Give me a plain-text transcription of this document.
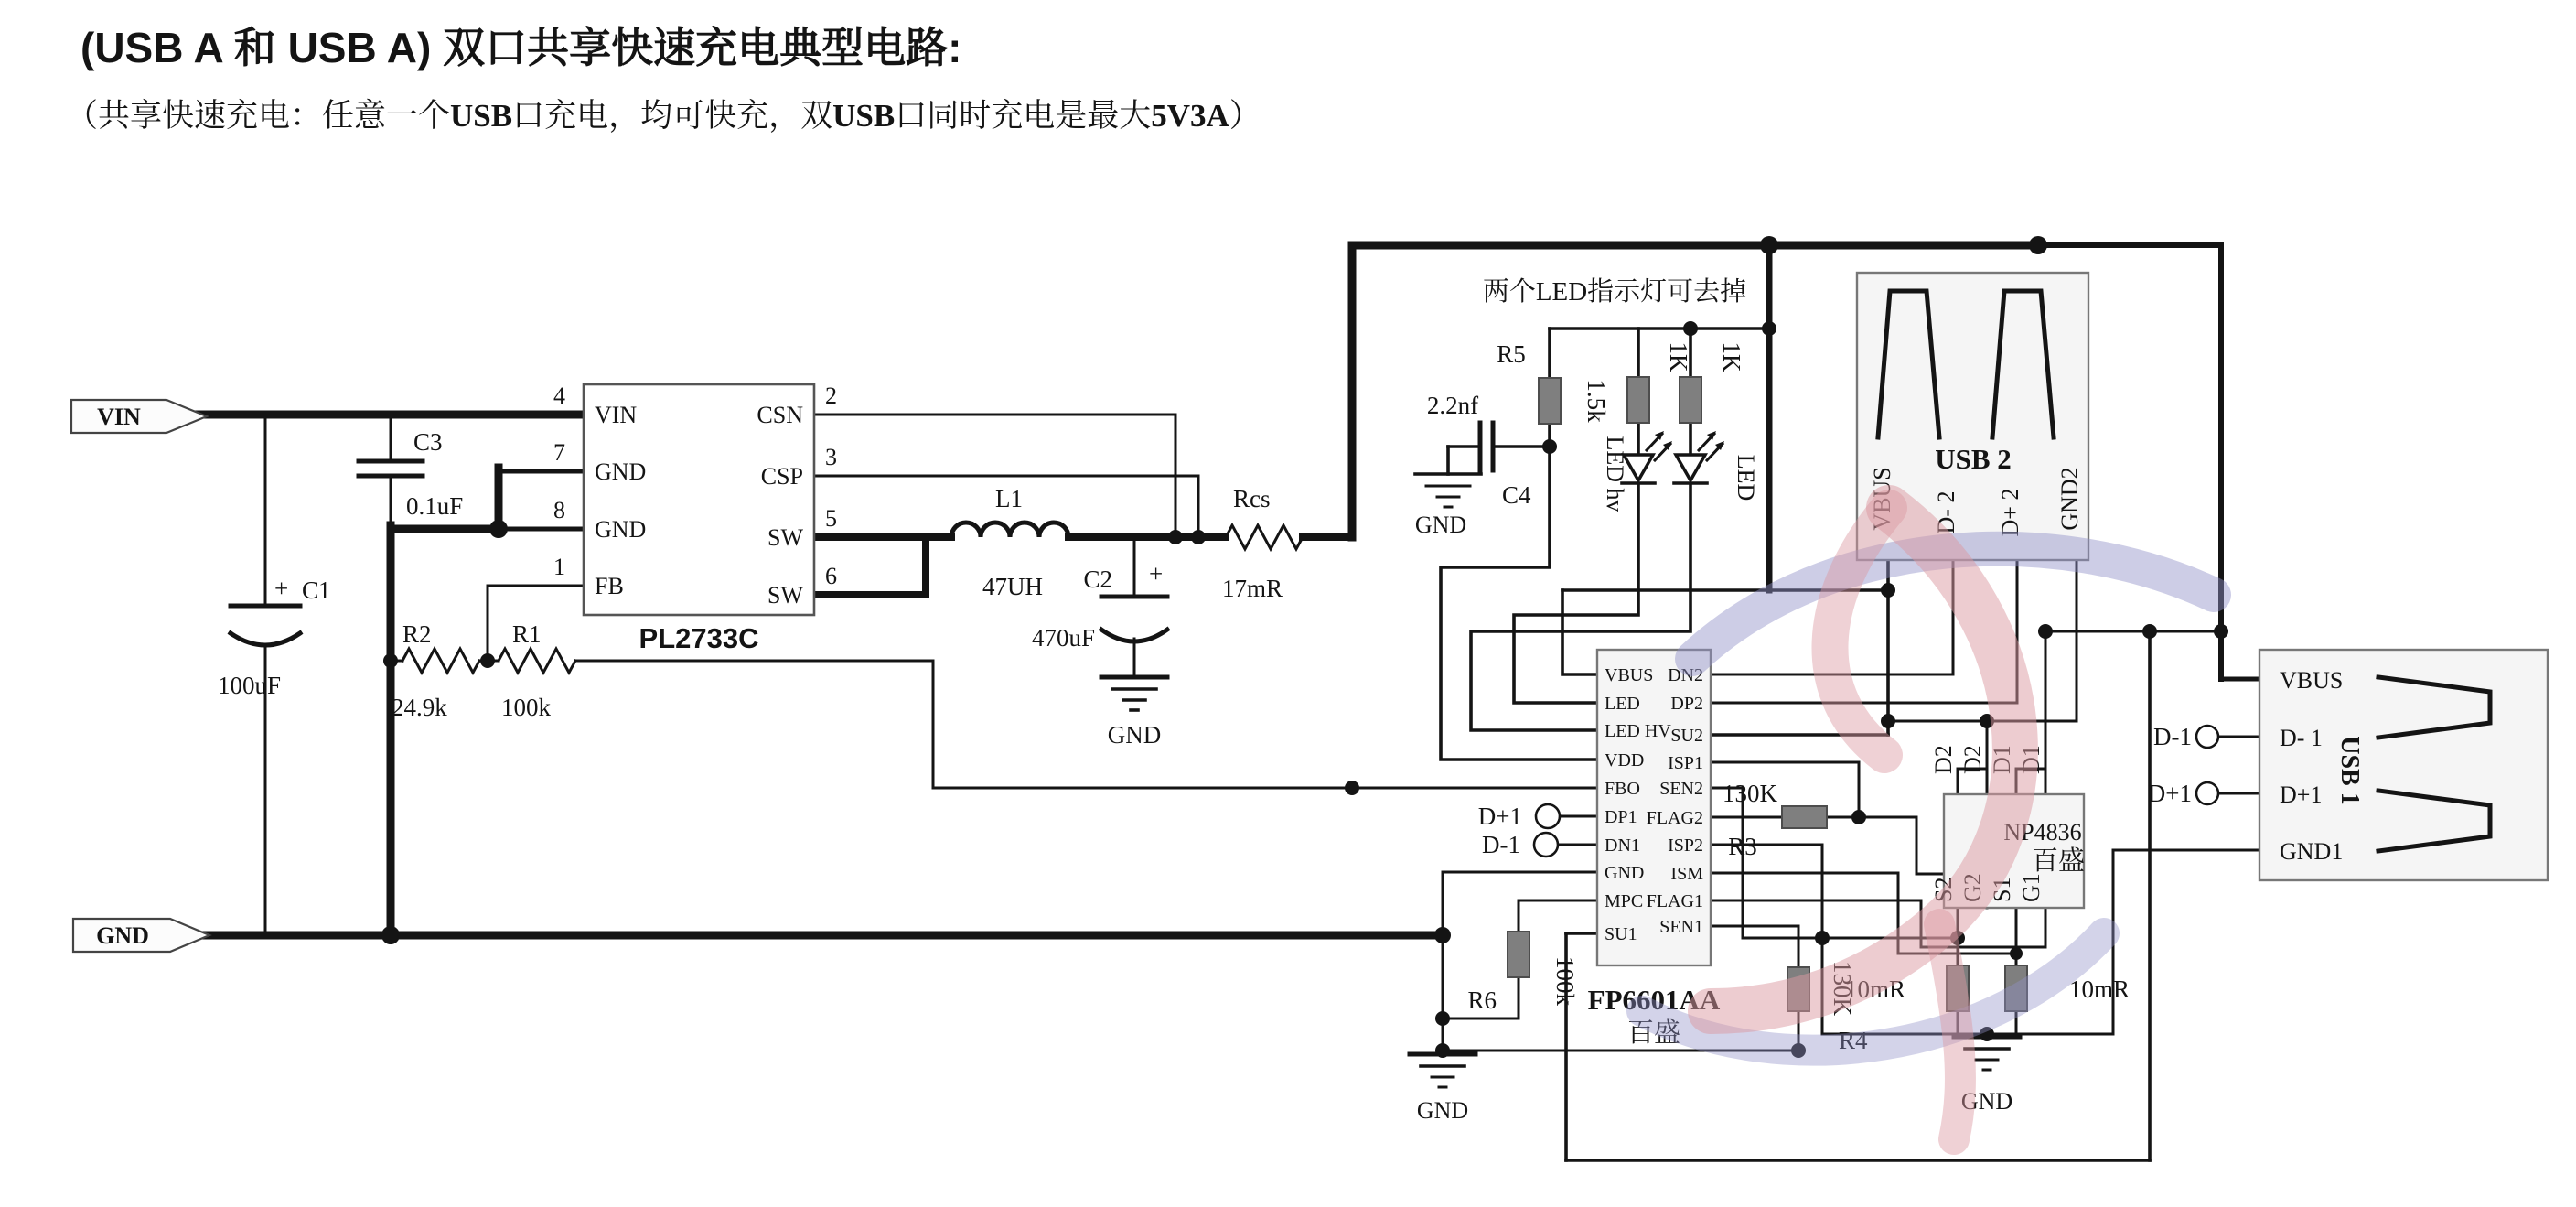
(USB A 和 USB A) 双口共享快速充电典型电路:
（共享快速充电：任意一个USB口充电，均可快充，双USB口同时充电是最大5V3A）
VIN
GND
+ C1
100uF
C3
0.1uF
R2
24.9k
R1
100k
L1
47UH C2 +
470uF
GND
Rcs
17mR
PL2733C
VIN
GND
GND
FB
CSN
CSP
SW
SW
4
7
8
1
2
3
5
6
两个LED指示灯可去掉
R5
1.5k
2.2nf
C4
GND
1K 1K
LED hv	LED	USB 2
VBUS D- 2 D+ 2 GND2
VBUS
LED
LED HV
VDD
FBO
DP1
DN1
GND
MPC
SU1
DN2
DP2
SU2
ISP1
SEN2
FLAG2
ISP2
ISM
FLAG1
SEN1
FP6601AA
百盛
D+1
D-1
R6 100k
GND
130K
R3
130K
R4
D2 D2 D1 D1
S2 G2 S1 G1
NP4836
百盛
10mR	10mR
GND
USB 1
VBUS
D- 1
D+1
GND1
D-1
D+1
